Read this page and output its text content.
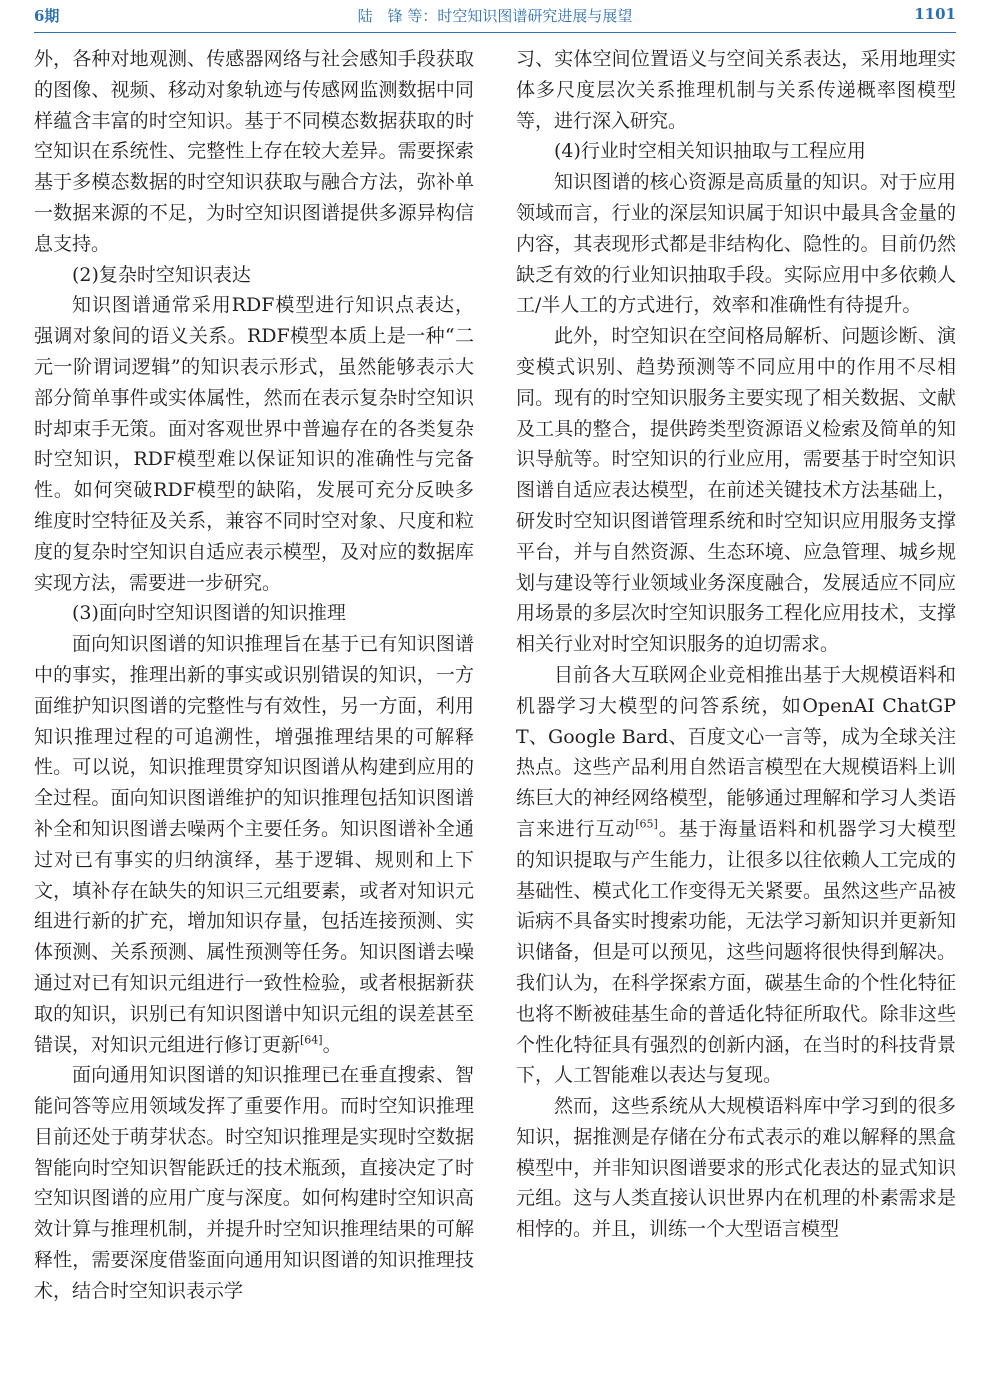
6期	陆　锋 等：时空知识图谱研究进展与展望	1101

外，各种对地观测、传感器网络与社会感知手段获取的图像、视频、移动对象轨迹与传感网监测数据中同样蕴含丰富的时空知识。基于不同模态数据获取的时空知识在系统性、完整性上存在较大差异。需要探索基于多模态数据的时空知识获取与融合方法，弥补单一数据来源的不足，为时空知识图谱提供多源异构信息支持。

(2)复杂时空知识表达

知识图谱通常采用RDF模型进行知识点表达，强调对象间的语义关系。RDF模型本质上是一种“二元一阶谓词逻辑”的知识表示形式，虽然能够表示大部分简单事件或实体属性，然而在表示复杂时空知识时却束手无策。面对客观世界中普遍存在的各类复杂时空知识，RDF模型难以保证知识的准确性与完备性。如何突破RDF模型的缺陷，发展可充分反映多维度时空特征及关系，兼容不同时空对象、尺度和粒度的复杂时空知识自适应表示模型，及对应的数据库实现方法，需要进一步研究。

(3)面向时空知识图谱的知识推理

面向知识图谱的知识推理旨在基于已有知识图谱中的事实，推理出新的事实或识别错误的知识，一方面维护知识图谱的完整性与有效性，另一方面，利用知识推理过程的可追溯性，增强推理结果的可解释性。可以说，知识推理贯穿知识图谱从构建到应用的全过程。面向知识图谱维护的知识推理包括知识图谱补全和知识图谱去噪两个主要任务。知识图谱补全通过对已有事实的归纳演绎，基于逻辑、规则和上下文，填补存在缺失的知识三元组要素，或者对知识元组进行新的扩充，增加知识存量，包括连接预测、实体预测、关系预测、属性预测等任务。知识图谱去噪通过对已有知识元组进行一致性检验，或者根据新获取的知识，识别已有知识图谱中知识元组的误差甚至错误，对知识元组进行修订更新[64]。

面向通用知识图谱的知识推理已在垂直搜索、智能问答等应用领域发挥了重要作用。而时空知识推理目前还处于萌芽状态。时空知识推理是实现时空数据智能向时空知识智能跃迁的技术瓶颈，直接决定了时空知识图谱的应用广度与深度。如何构建时空知识高效计算与推理机制，并提升时空知识推理结果的可解释性，需要深度借鉴面向通用知识图谱的知识推理技术，结合时空知识表示学

习、实体空间位置语义与空间关系表达，采用地理实体多尺度层次关系推理机制与关系传递概率图模型等，进行深入研究。

(4)行业时空相关知识抽取与工程应用

知识图谱的核心资源是高质量的知识。对于应用领域而言，行业的深层知识属于知识中最具含金量的内容，其表现形式都是非结构化、隐性的。目前仍然缺乏有效的行业知识抽取手段。实际应用中多依赖人工/半人工的方式进行，效率和准确性有待提升。

此外，时空知识在空间格局解析、问题诊断、演变模式识别、趋势预测等不同应用中的作用不尽相同。现有的时空知识服务主要实现了相关数据、文献及工具的整合，提供跨类型资源语义检索及简单的知识导航等。时空知识的行业应用，需要基于时空知识图谱自适应表达模型，在前述关键技术方法基础上，研发时空知识图谱管理系统和时空知识应用服务支撑平台，并与自然资源、生态环境、应急管理、城乡规划与建设等行业领域业务深度融合，发展适应不同应用场景的多层次时空知识服务工程化应用技术，支撑相关行业对时空知识服务的迫切需求。

目前各大互联网企业竞相推出基于大规模语料和机器学习大模型的问答系统，如OpenAI ChatGPT、Google Bard、百度文心一言等，成为全球关注热点。这些产品利用自然语言模型在大规模语料上训练巨大的神经网络模型，能够通过理解和学习人类语言来进行互动[65]。基于海量语料和机器学习大模型的知识提取与产生能力，让很多以往依赖人工完成的基础性、模式化工作变得无关紧要。虽然这些产品被诟病不具备实时搜索功能，无法学习新知识并更新知识储备，但是可以预见，这些问题将很快得到解决。我们认为，在科学探索方面，碳基生命的个性化特征也将不断被硅基生命的普适化特征所取代。除非这些个性化特征具有强烈的创新内涵，在当时的科技背景下，人工智能难以表达与复现。

然而，这些系统从大规模语料库中学习到的很多知识，据推测是存储在分布式表示的难以解释的黑盒模型中，并非知识图谱要求的形式化表达的显式知识元组。这与人类直接认识世界内在机理的朴素需求是相悖的。并且，训练一个大型语言模型
